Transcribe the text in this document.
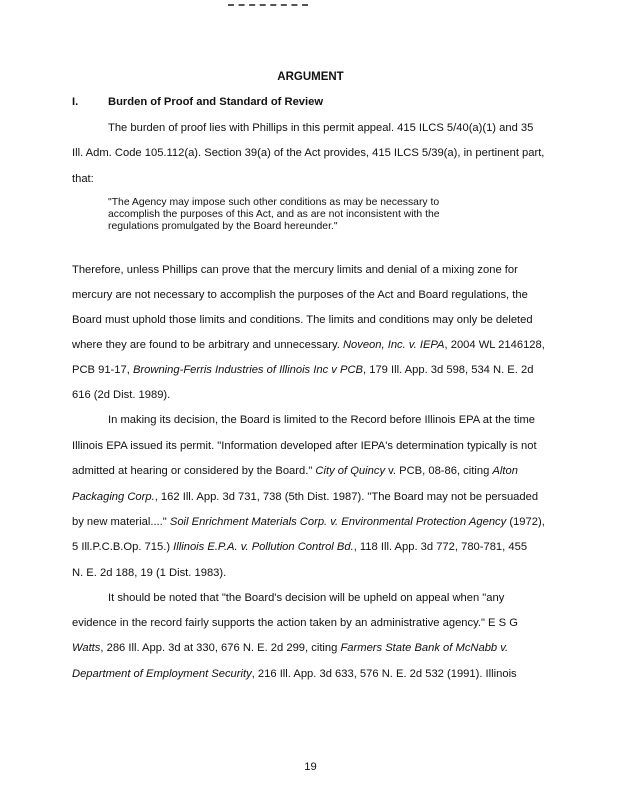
ARGUMENT
I.	Burden of Proof and Standard of Review
The burden of proof lies with Phillips in this permit appeal. 415 ILCS 5/40(a)(1) and 35
Ill. Adm. Code 105.112(a). Section 39(a) of the Act provides, 415 ILCS 5/39(a), in pertinent part,
that:
"The Agency may impose such other conditions as may be necessary to
accomplish the purposes of this Act, and as are not inconsistent with the
regulations promulgated by the Board hereunder."
Therefore, unless Phillips can prove that the mercury limits and denial of a mixing zone for
mercury are not necessary to accomplish the purposes of the Act and Board regulations, the
Board must uphold those limits and conditions. The limits and conditions may only be deleted
where they are found to be arbitrary and unnecessary. Noveon, Inc. v. IEPA, 2004 WL 2146128,
PCB 91-17, Browning-Ferris Industries of Illinois Inc v PCB, 179 Ill. App. 3d 598, 534 N. E. 2d
616 (2d Dist. 1989).
In making its decision, the Board is limited to the Record before Illinois EPA at the time
Illinois EPA issued its permit. "Information developed after IEPA's determination typically is not
admitted at hearing or considered by the Board." City of Quincy v. PCB, 08-86, citing Alton
Packaging Corp., 162 Ill. App. 3d 731, 738 (5th Dist. 1987). "The Board may not be persuaded
by new material...." Soil Enrichment Materials Corp. v. Environmental Protection Agency (1972),
5 Ill.P.C.B.Op. 715.) Illinois E.P.A. v. Pollution Control Bd., 118 Ill. App. 3d 772, 780-781, 455
N. E. 2d 188, 19 (1 Dist. 1983).
It should be noted that "the Board's decision will be upheld on appeal when "any
evidence in the record fairly supports the action taken by an administrative agency." E S G
Watts, 286 Ill. App. 3d at 330, 676 N. E. 2d 299, citing Farmers State Bank of McNabb v.
Department of Employment Security, 216 Ill. App. 3d 633, 576 N. E. 2d 532 (1991). Illinois
19
